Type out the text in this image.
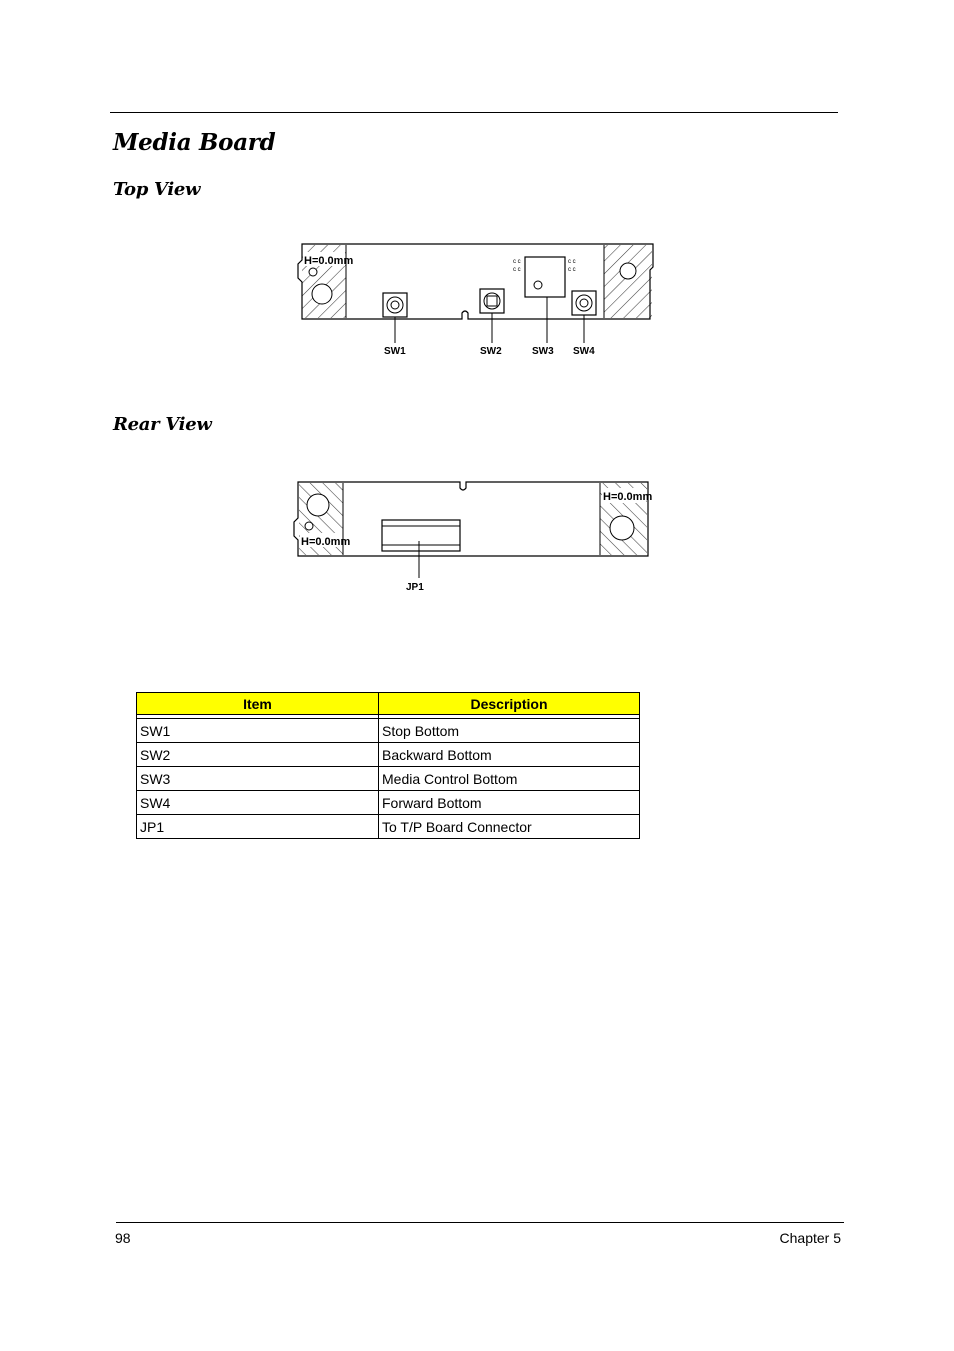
Media Board
Top View
H=0.0mm	c c
c c
c c
c c
SW1	SW2	SW3 SW4
Rear View
H=0.0mm
H=0.0mm
JP1
Item	Description

SW1	Stop Bottom
SW2	Backward Bottom
SW3	Media Control Bottom
SW4	Forward Bottom
JP1	To T/P Board Connector
98	Chapter 5
